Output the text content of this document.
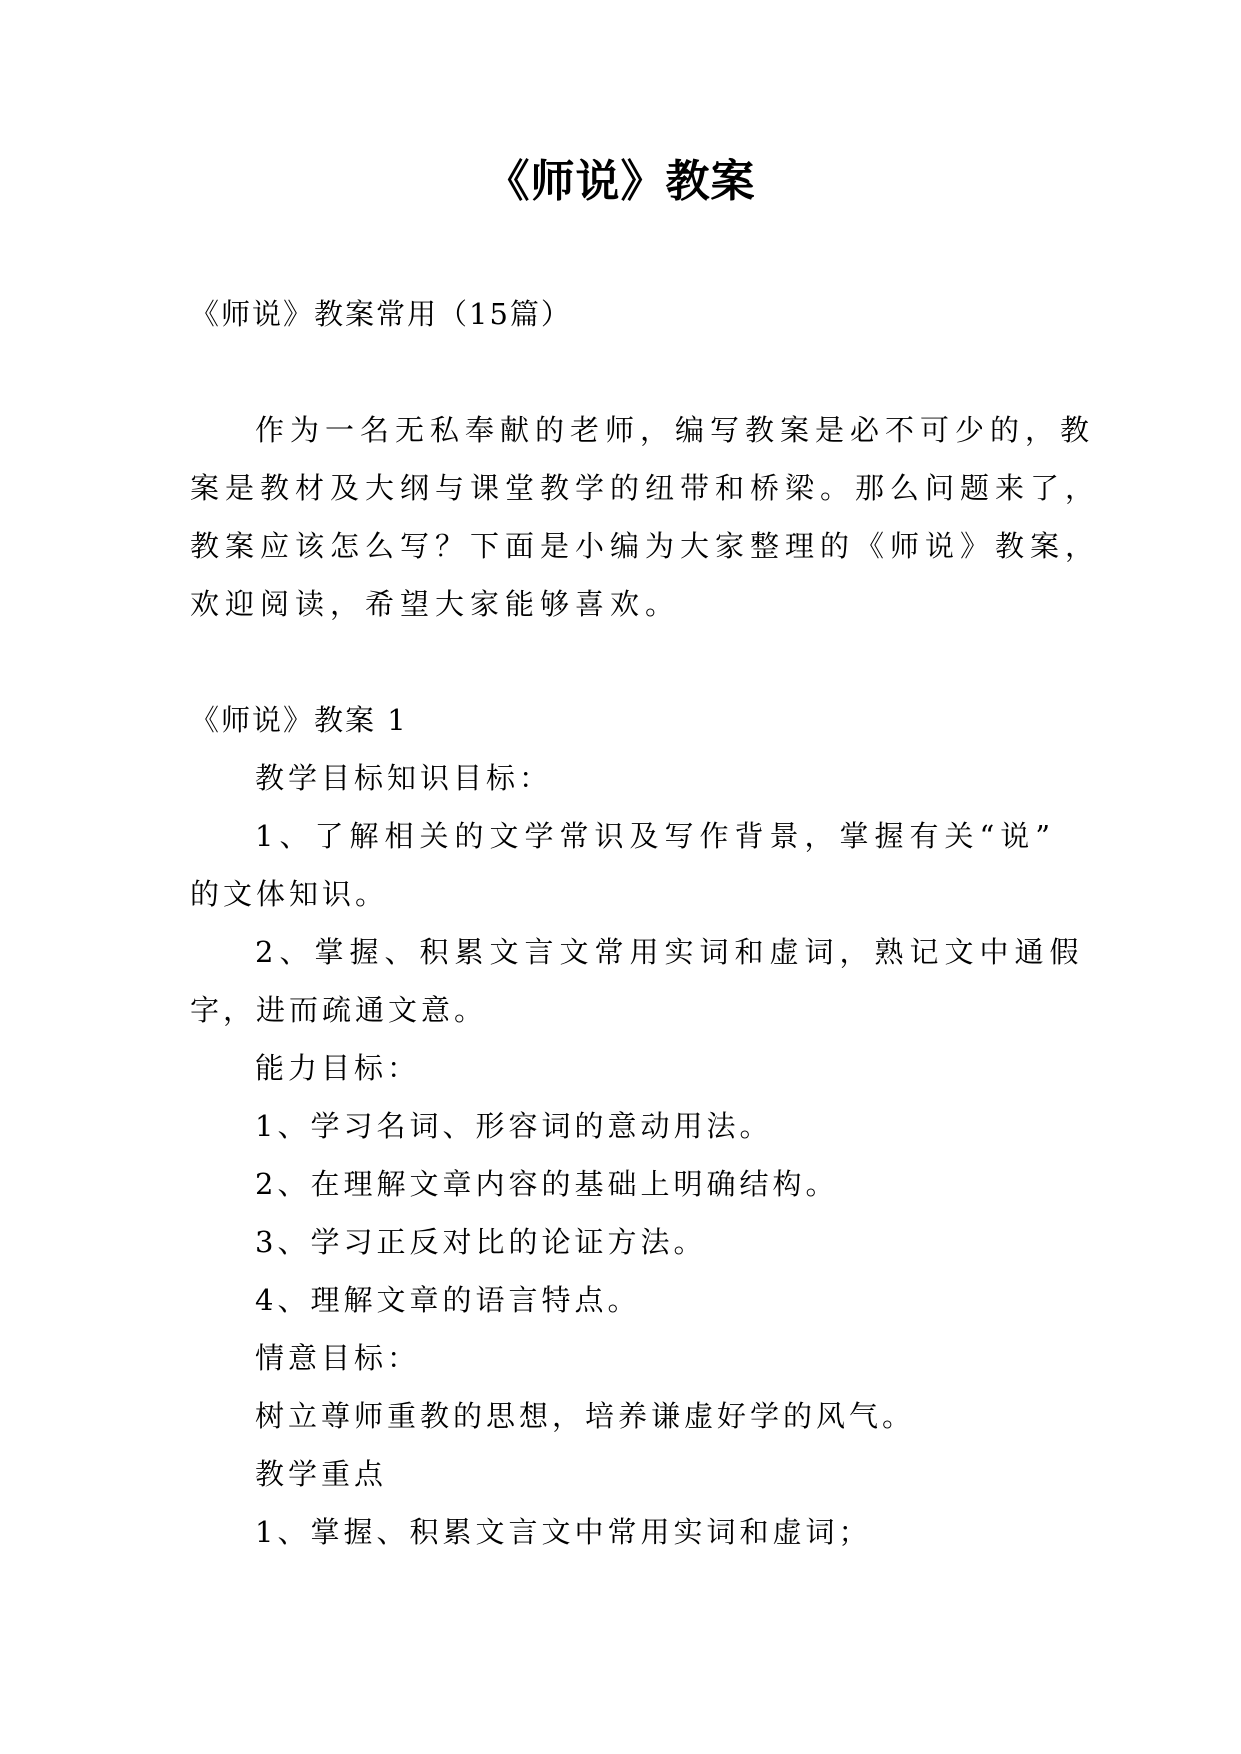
《师说》教案
《师说》教案常用（15篇）
作为一名无私奉献的老师，编写教案是必不可少的，教
案是教材及大纲与课堂教学的纽带和桥梁。那么问题来了，
教案应该怎么写？下面是小编为大家整理的《师说》教案，
欢迎阅读，希望大家能够喜欢。
《师说》教案 1
教学目标知识目标：
1、了解相关的文学常识及写作背景，掌握有关“说”
的文体知识。
2、掌握、积累文言文常用实词和虚词，熟记文中通假
字，进而疏通文意。
能力目标：
1、学习名词、形容词的意动用法。
2、在理解文章内容的基础上明确结构。
3、学习正反对比的论证方法。
4、理解文章的语言特点。
情意目标：
树立尊师重教的思想，培养谦虚好学的风气。
教学重点
1、掌握、积累文言文中常用实词和虚词；
